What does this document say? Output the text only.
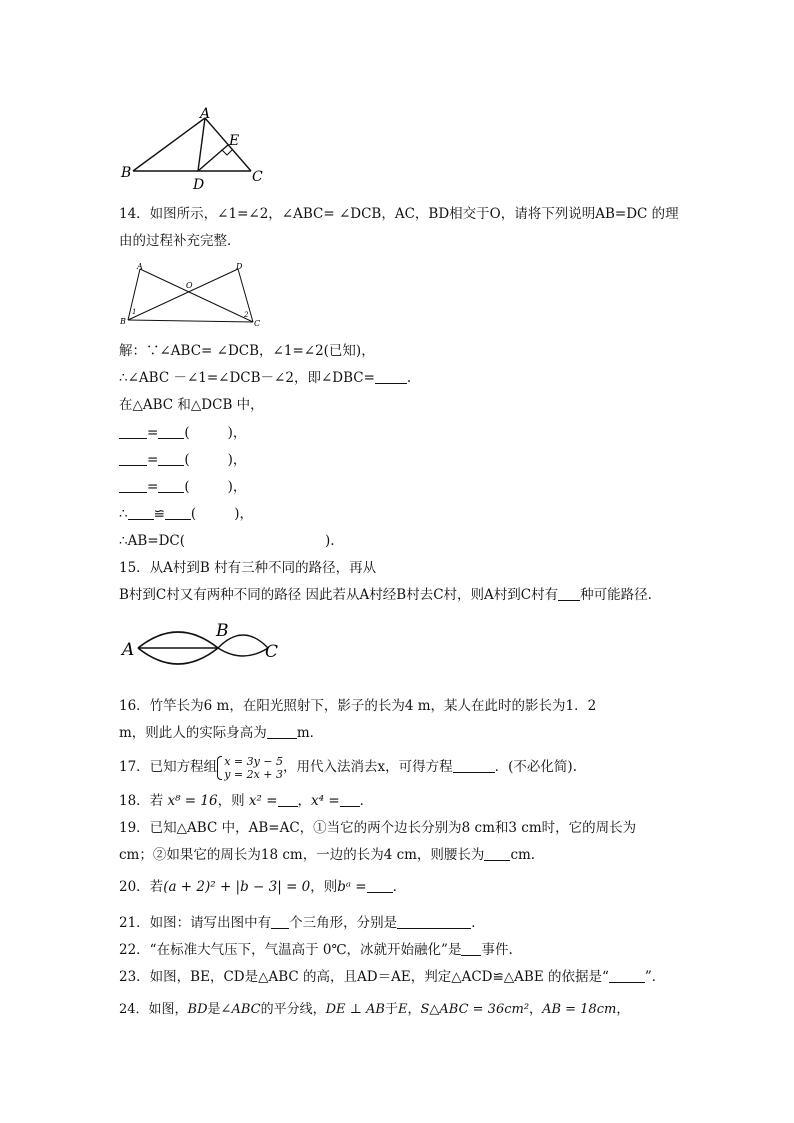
A
E
B
D	C
14．如图所示，∠1=∠2，∠ABC= ∠DCB，AC，BD相交于O，请将下列说明AB=DC 的理
由的过程补充完整．
A	D
O
B	C
1	2
解：∵∠ABC= ∠DCB，∠1=∠2(已知)，
∴∠ABC －∠1=∠DCB－∠2，即∠DBC= .
在△ABC 和△DCB 中，
= (	)，
= (	)，
= (	)，
∴ ≌ (	)，
∴AB=DC(	).
15．从A村到B 村有三种不同的路径，再从
B村到C村又有两种不同的路径 因此若从A村经B村去C村，则A村到C村有 种可能路径.
A
B
C
16．竹竿长为6 m，在阳光照射下，影子的长为4 m，某人在此时的影长为1．2
m，则此人的实际身高为 m．
17．已知方程组 x = 3y − 5
y = 2x + 3 ，用代入法消去x，可得方程	．(不必化简).
18．若 x⁸ = 16，则 x² = ，x⁴ = ．
19．已知△ABC 中，AB=AC，①当它的两个边长分别为8 cm和3 cm时，它的周长为
cm；②如果它的周长为18 cm，一边的长为4 cm，则腰长为 cm.
20．若(a + 2)² + |b − 3| = 0，则bᵃ = .
21．如图：请写出图中有 个三角形，分别是	．
22．“在标准大气压下，气温高于 0℃，冰就开始融化”是 事件.
23．如图，BE，CD是△ABC 的高，且AD＝AE，判定△ACD≌△ABE 的依据是“	”．
24．如图，BD是∠ABC的平分线，DE ⊥ AB于E，S△ABC = 36cm²，AB = 18cm，
